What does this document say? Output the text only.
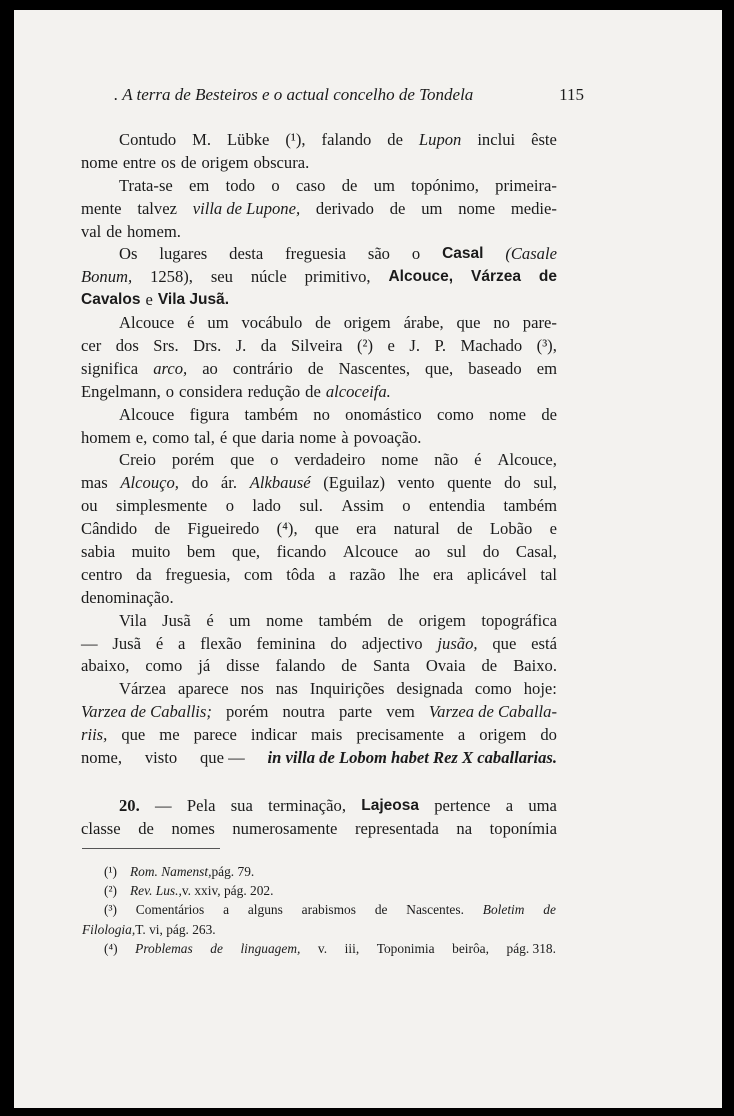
. A terra de Besteiros e o actual concelho de Tondela	115
Contudo M. Lübke (¹), falando de Lupon inclui êste
nome entre os de origem obscura.
Trata-se em todo o caso de um topónimo, primeira-
mente talvez villa de Lupone, derivado de um nome medie-
val de homem.
Os lugares desta freguesia são o Casal (Casale
Bonum, 1258), seu núcle primitivo, Alcouce, Várzea de
Cavalos e Vila Jusã.
Alcouce é um vocábulo de origem árabe, que no pare-
cer dos Srs. Drs. J. da Silveira (²) e J. P. Machado (³),
significa arco, ao contrário de Nascentes, que, baseado em
Engelmann, o considera redução de alcoceifa.
Alcouce figura também no onomástico como nome de
homem e, como tal, é que daria nome à povoação.
Creio porém que o verdadeiro nome não é Alcouce,
mas Alcouço, do ár. Alkbausé (Eguilaz) vento quente do sul,
ou simplesmente o lado sul. Assim o entendia também
Cândido de Figueiredo (⁴), que era natural de Lobão e
sabia muito bem que, ficando Alcouce ao sul do Casal,
centro da freguesia, com tôda a razão lhe era aplicável tal
denominação.
Vila Jusã é um nome também de origem topográfica
— Jusã é a flexão feminina do adjectivo jusão, que está
abaixo, como já disse falando de Santa Ovaia de Baixo.
Várzea aparece nos nas Inquirições designada como hoje:
Varzea de Caballis; porém noutra parte vem Varzea de Caballa-
riis, que me parece indicar mais precisamente a origem do
nome, visto que — in villa de Lobom habet Rez X caballarias.
20. — Pela sua terminação, Lajeosa pertence a uma
classe de nomes numerosamente representada na toponímia
(¹) Rom. Namenst, pág. 79.
(²) Rev. Lus., v. xxiv, pág. 202.
(³) Comentários a alguns arabismos de Nascentes. Boletim de
Filologia, T. vi, pág. 263.
(⁴) Problemas de linguagem, v. iii, Toponimia beirôa, pág. 318.
